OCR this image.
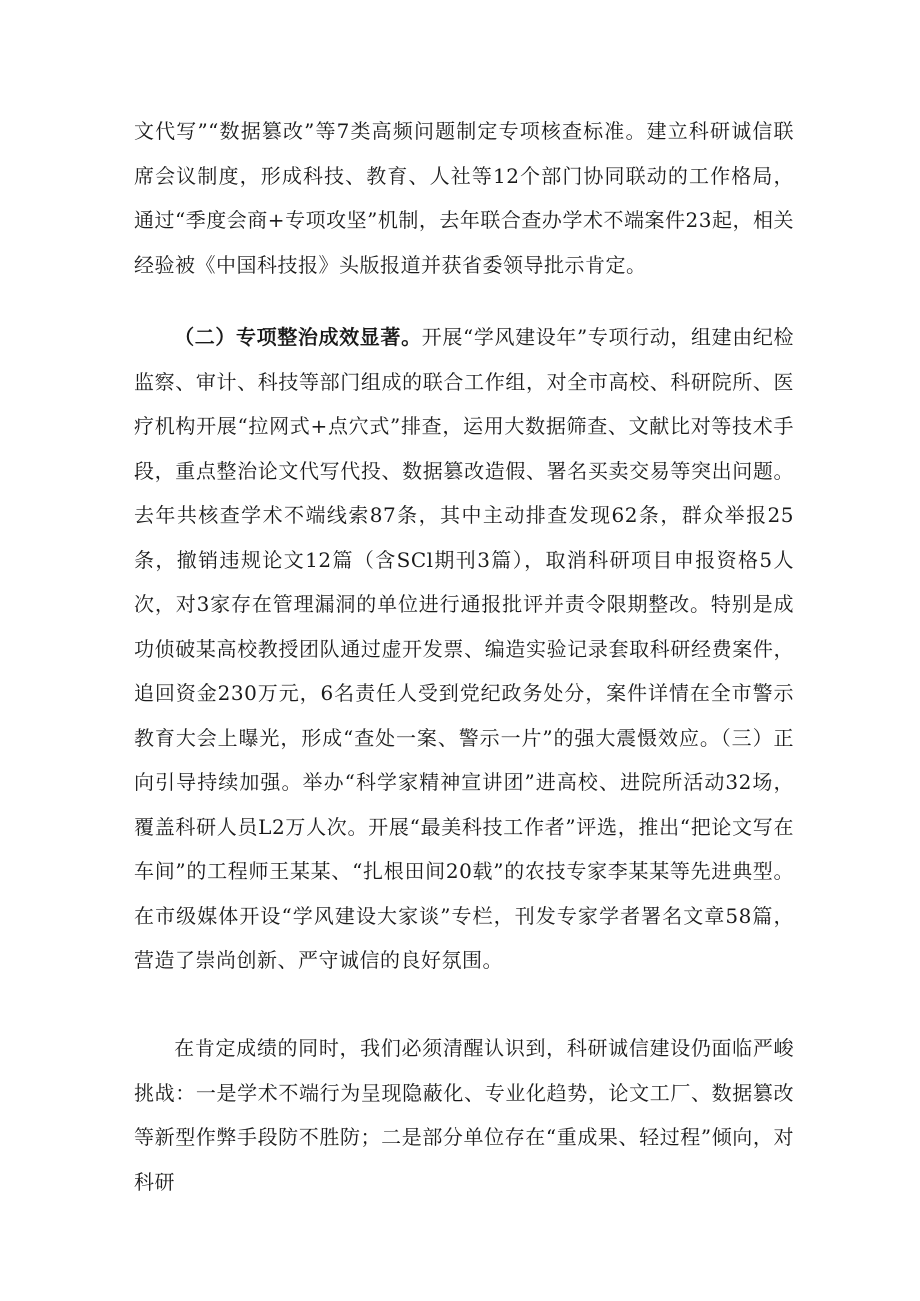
文代写”“数据篡改”等7类高频问题制定专项核查标准。建立科研诚信联席会议制度，形成科技、教育、人社等12个部门协同联动的工作格局，通过“季度会商+专项攻坚”机制，去年联合查办学术不端案件23起，相关经验被《中国科技报》头版报道并获省委领导批示肯定。

（二）专项整治成效显著。开展“学风建设年”专项行动，组建由纪检监察、审计、科技等部门组成的联合工作组，对全市高校、科研院所、医疗机构开展“拉网式+点穴式”排查，运用大数据筛查、文献比对等技术手段，重点整治论文代写代投、数据篡改造假、署名买卖交易等突出问题。去年共核查学术不端线索87条，其中主动排查发现62条，群众举报25条，撤销违规论文12篇（含SCl期刊3篇），取消科研项目申报资格5人次，对3家存在管理漏洞的单位进行通报批评并责令限期整改。特别是成功侦破某高校教授团队通过虚开发票、编造实验记录套取科研经费案件，追回资金230万元，6名责任人受到党纪政务处分，案件详情在全市警示教育大会上曝光，形成“查处一案、警示一片”的强大震慑效应。（三）正向引导持续加强。举办“科学家精神宣讲团”进高校、进院所活动32场，覆盖科研人员L2万人次。开展“最美科技工作者”评选，推出“把论文写在车间”的工程师王某某、“扎根田间20载”的农技专家李某某等先进典型。在市级媒体开设“学风建设大家谈”专栏，刊发专家学者署名文章58篇，营造了崇尚创新、严守诚信的良好氛围。

在肯定成绩的同时，我们必须清醒认识到，科研诚信建设仍面临严峻挑战：一是学术不端行为呈现隐蔽化、专业化趋势，论文工厂、数据篡改等新型作弊手段防不胜防；二是部分单位存在“重成果、轻过程”倾向，对科研
